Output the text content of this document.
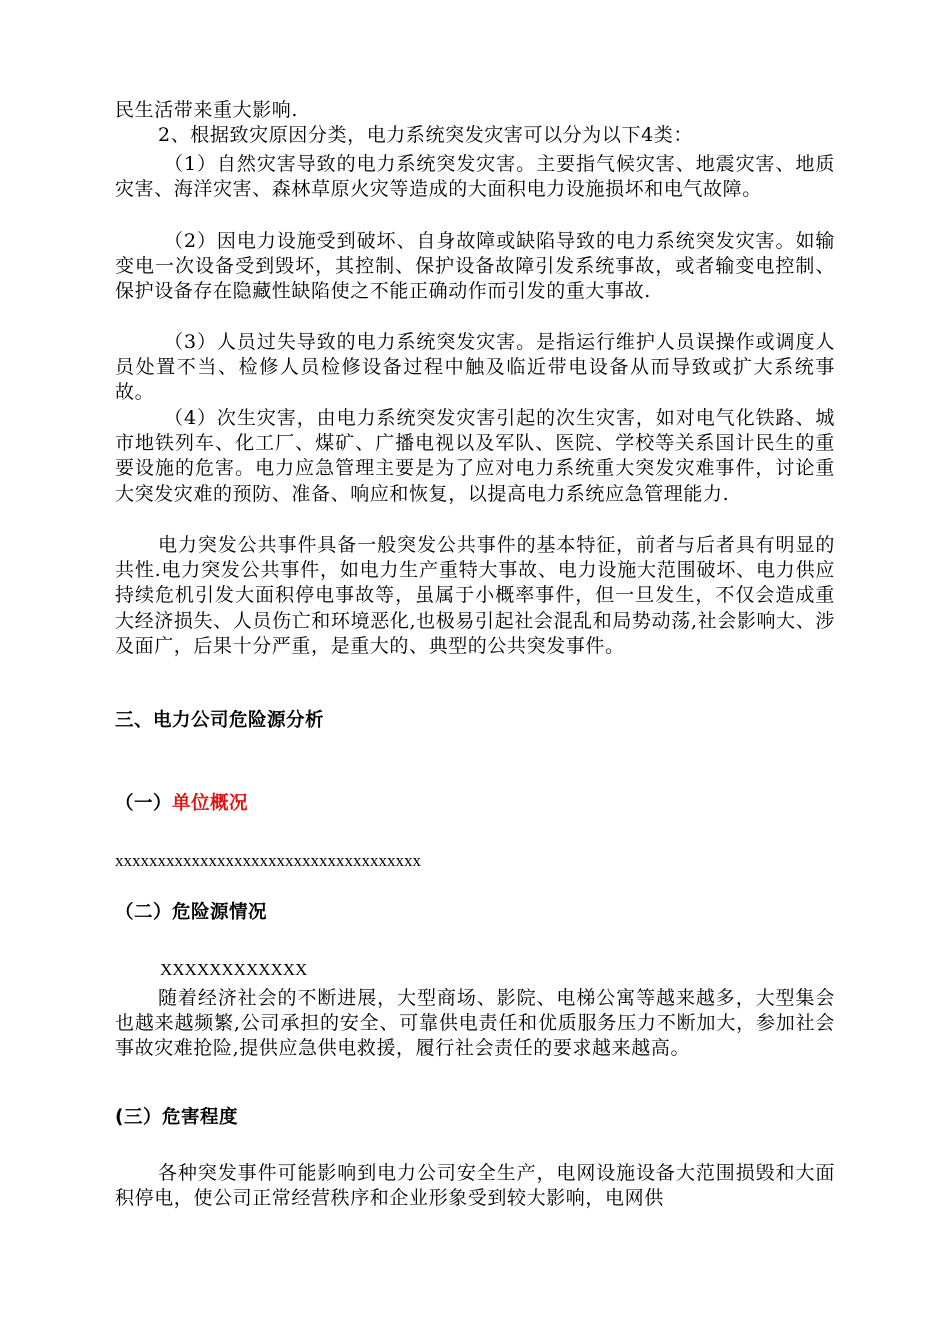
民生活带来重大影响.

2、根据致灾原因分类，电力系统突发灾害可以分为以下4类：

（1）自然灾害导致的电力系统突发灾害。主要指气候灾害、地震灾害、地质灾害、海洋灾害、森林草原火灾等造成的大面积电力设施损坏和电气故障。

（2）因电力设施受到破坏、自身故障或缺陷导致的电力系统突发灾害。如输变电一次设备受到毁坏，其控制、保护设备故障引发系统事故，或者输变电控制、保护设备存在隐藏性缺陷使之不能正确动作而引发的重大事故.

（3）人员过失导致的电力系统突发灾害。是指运行维护人员误操作或调度人员处置不当、检修人员检修设备过程中触及临近带电设备从而导致或扩大系统事故。

（4）次生灾害，由电力系统突发灾害引起的次生灾害，如对电气化铁路、城市地铁列车、化工厂、煤矿、广播电视以及军队、医院、学校等关系国计民生的重要设施的危害。电力应急管理主要是为了应对电力系统重大突发灾难事件，讨论重大突发灾难的预防、准备、响应和恢复，以提高电力系统应急管理能力.

电力突发公共事件具备一般突发公共事件的基本特征，前者与后者具有明显的共性.电力突发公共事件，如电力生产重特大事故、电力设施大范围破坏、电力供应持续危机引发大面积停电事故等，虽属于小概率事件，但一旦发生，不仅会造成重大经济损失、人员伤亡和环境恶化,也极易引起社会混乱和局势动荡,社会影响大、涉及面广，后果十分严重，是重大的、典型的公共突发事件。

三、电力公司危险源分析

（一）单位概况

xxxxxxxxxxxxxxxxxxxxxxxxxxxxxxxxxxxx

（二）危险源情况

XXXXXXXXXXXX

随着经济社会的不断进展，大型商场、影院、电梯公寓等越来越多，大型集会也越来越频繁,公司承担的安全、可靠供电责任和优质服务压力不断加大，参加社会事故灾难抢险,提供应急供电救援，履行社会责任的要求越来越高。

(三）危害程度

各种突发事件可能影响到电力公司安全生产，电网设施设备大范围损毁和大面积停电，使公司正常经营秩序和企业形象受到较大影响，电网供
